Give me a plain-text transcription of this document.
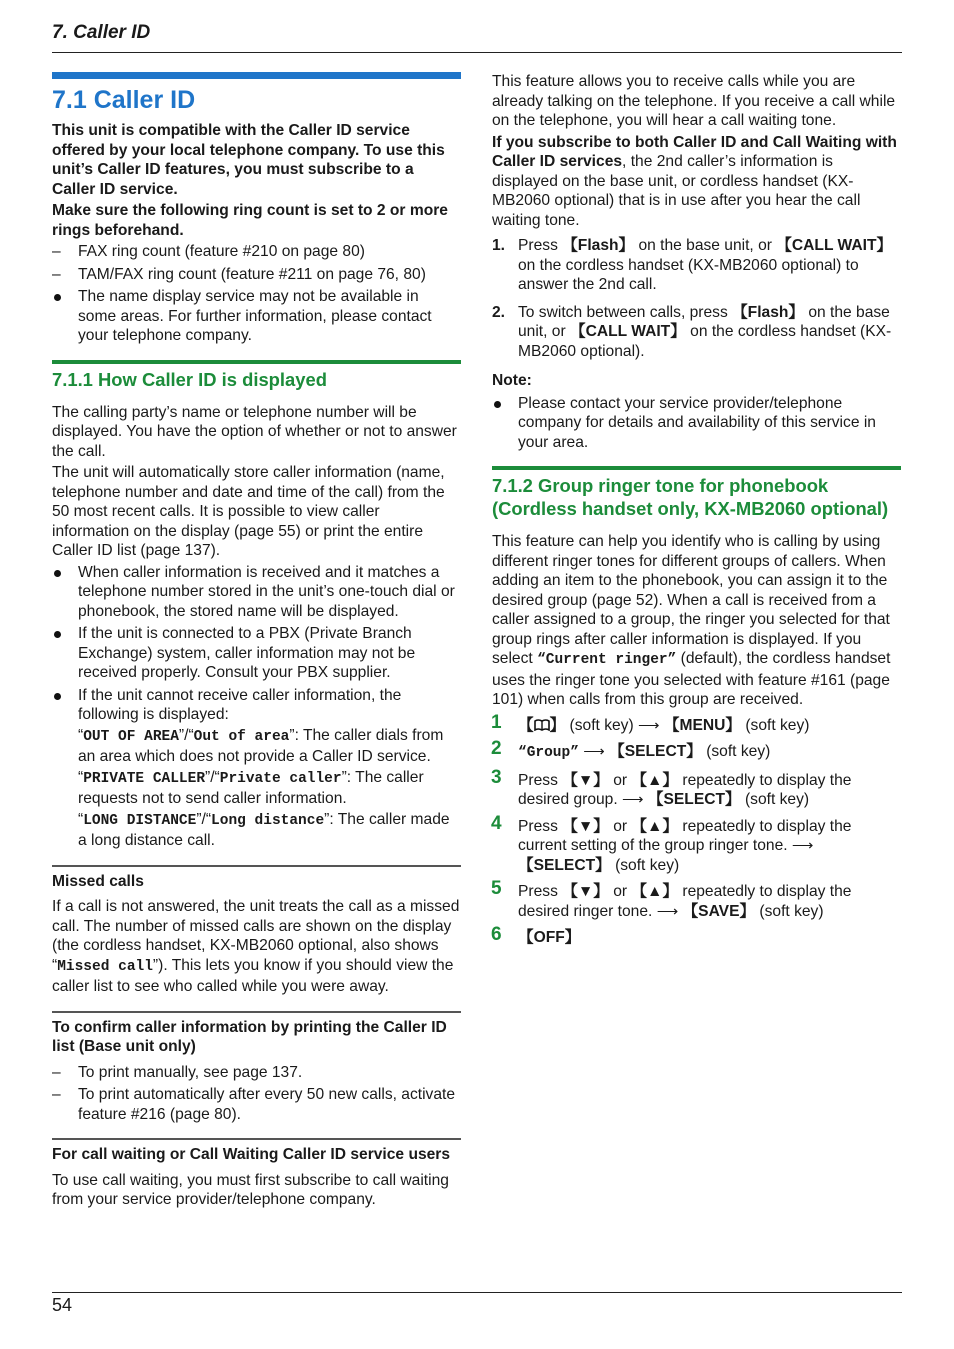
7. Caller ID
7.1 Caller ID

This unit is compatible with the Caller ID service offered by your local telephone company. To use this unit’s Caller ID features, you must subscribe to a Caller ID service.

Make sure the following ring count is set to 2 or more rings beforehand.

– FAX ring count (feature #210 on page 80)
– TAM/FAX ring count (feature #211 on page 76, 80)
The name display service may not be available in some areas. For further information, please contact your telephone company.
7.1.1 How Caller ID is displayed

The calling party’s name or telephone number will be displayed. You have the option of whether or not to answer the call.

The unit will automatically store caller information (name, telephone number and date and time of the call) from the 50 most recent calls. It is possible to view caller information on the display (page 55) or print the entire Caller ID list (page 137).

When caller information is received and it matches a telephone number stored in the unit’s one-touch dial or phonebook, the stored name will be displayed.
If the unit is connected to a PBX (Private Branch Exchange) system, caller information may not be received properly. Consult your PBX supplier.
If the unit cannot receive caller information, the following is displayed:
“OUT OF AREA”/“Out of area”: The caller dials from an area which does not provide a Caller ID service.
“PRIVATE CALLER”/“Private caller”: The caller requests not to send caller information.
“LONG DISTANCE”/“Long distance”: The caller made a long distance call.
Missed calls

If a call is not answered, the unit treats the call as a missed call. The number of missed calls are shown on the display (the cordless handset, KX-MB2060 optional, also shows “Missed call”). This lets you know if you should view the caller list to see who called while you were away.

To confirm caller information by printing the Caller ID list (Base unit only)
– To print manually, see page 137.
– To print automatically after every 50 new calls, activate feature #216 (page 80).
For call waiting or Call Waiting Caller ID service users

To use call waiting, you must first subscribe to call waiting from your service provider/telephone company.

This feature allows you to receive calls while you are already talking on the telephone. If you receive a call while on the telephone, you will hear a call waiting tone.

If you subscribe to both Caller ID and Call Waiting with Caller ID services, the 2nd caller’s information is displayed on the base unit, or cordless handset (KX-MB2060 optional) that is in use after you hear the call waiting tone.

1. Press 【Flash】 on the base unit, or 【CALL WAIT】 on the cordless handset (KX-MB2060 optional) to answer the 2nd call.
2. To switch between calls, press 【Flash】 on the base unit, or 【CALL WAIT】 on the cordless handset (KX-MB2060 optional).
Note:
Please contact your service provider/telephone company for details and availability of this service in your area.
7.1.2 Group ringer tone for phonebook (Cordless handset only, KX-MB2060 optional)

This feature can help you identify who is calling by using different ringer tones for different groups of callers. When adding an item to the phonebook, you can assign it to the desired group (page 52). When a call is received from a caller assigned to a group, the ringer you selected for that group rings after caller information is displayed. If you select “Current ringer” (default), the cordless handset uses the ringer tone you selected with feature #161 (page 101) when calls from this group are received.

1 【 】 (soft key) ⟶ 【MENU】 (soft key)
2 “Group” ⟶ 【SELECT】 (soft key)
3 Press 【▼】 or 【▲】 repeatedly to display the desired group. ⟶ 【SELECT】 (soft key)
4 Press 【▼】 or 【▲】 repeatedly to display the current setting of the group ringer tone. ⟶ 【SELECT】 (soft key)
5 Press 【▼】 or 【▲】 repeatedly to display the desired ringer tone. ⟶ 【SAVE】 (soft key)
6 【OFF】
54
